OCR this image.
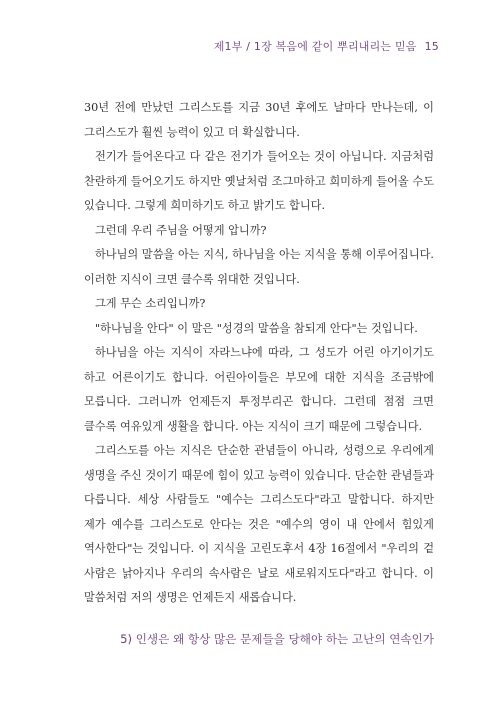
제1부 / 1장 복음에 같이 뿌리내리는 믿음 15

30년 전에 만났던 그리스도를 지금 30년 후에도 날마다 만나는데, 이 그리스도가 훨씬 능력이 있고 더 확실합니다.

전기가 들어온다고 다 같은 전기가 들어오는 것이 아닙니다. 지금처럼 찬란하게 들어오기도 하지만 옛날처럼 조그마하고 희미하게 들어올 수도 있습니다. 그렇게 희미하기도 하고 밝기도 합니다.

그런데 우리 주님을 어떻게 압니까?

하나님의 말씀을 아는 지식, 하나님을 아는 지식을 통해 이루어집니다. 이러한 지식이 크면 클수록 위대한 것입니다.

그게 무슨 소리입니까?

"하나님을 안다" 이 말은 "성경의 말씀을 참되게 안다"는 것입니다.

하나님을 아는 지식이 자라느냐에 따라, 그 성도가 어린 아기이기도 하고 어른이기도 합니다. 어린아이들은 부모에 대한 지식을 조금밖에 모릅니다. 그러니까 언제든지 투정부리곤 합니다. 그런데 점점 크면 클수록 여유있게 생활을 합니다. 아는 지식이 크기 때문에 그렇습니다.

그리스도를 아는 지식은 단순한 관념들이 아니라, 성령으로 우리에게 생명을 주신 것이기 때문에 힘이 있고 능력이 있습니다. 단순한 관념들과 다릅니다. 세상 사람들도 "예수는 그리스도다"라고 말합니다. 하지만 제가 예수를 그리스도로 안다는 것은 "예수의 영이 내 안에서 힘있게 역사한다"는 것입니다. 이 지식을 고린도후서 4장 16절에서 "우리의 겉 사람은 낡아지나 우리의 속사람은 날로 새로워지도다"라고 합니다. 이 말씀처럼 저의 생명은 언제든지 새롭습니다.

5) 인생은 왜 항상 많은 문제들을 당해야 하는 고난의 연속인가
